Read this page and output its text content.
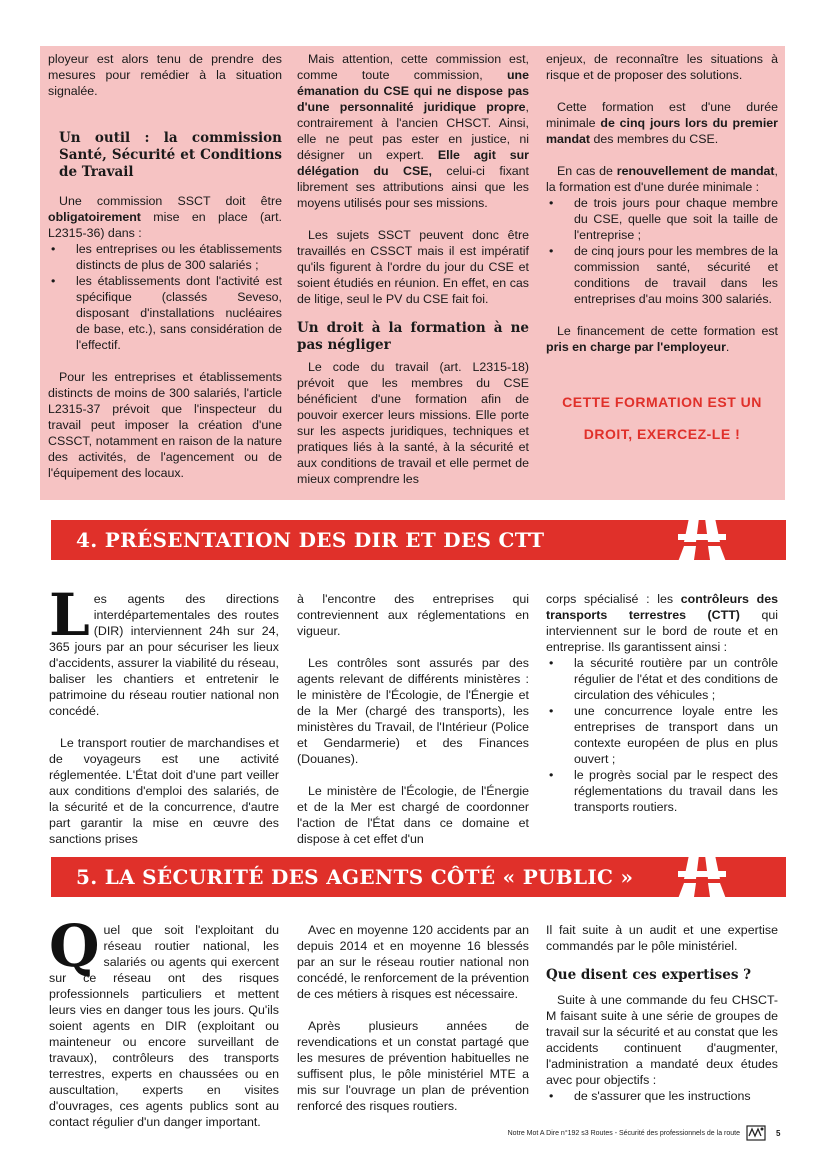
ployeur est alors tenu de prendre des mesures pour remédier à la situation signalée.

Un outil : la commission Santé, Sécurité et Conditions de Travail

Une commission SSCT doit être obligatoirement mise en place (art. L2315-36) dans :

• les entreprises ou les établissements distincts de plus de 300 salariés ;
• les établissements dont l'activité est spécifique (classés Seveso, disposant d'installations nucléaires de base, etc.), sans considération de l'effectif.

Pour les entreprises et établissements distincts de moins de 300 salariés, l'article L2315-37 prévoit que l'inspecteur du travail peut imposer la création d'une CSSCT, notamment en raison de la nature des activités, de l'agencement ou de l'équipement des locaux.

Mais attention, cette commission est, comme toute commission, une émanation du CSE qui ne dispose pas d'une personnalité juridique propre, contrairement à l'ancien CHSCT. Ainsi, elle ne peut pas ester en justice, ni désigner un expert. Elle agit sur délégation du CSE, celui-ci fixant librement ses attributions ainsi que les moyens utilisés pour ses missions.

Les sujets SSCT peuvent donc être travaillés en CSSCT mais il est impératif qu'ils figurent à l'ordre du jour du CSE et soient étudiés en réunion. En effet, en cas de litige, seul le PV du CSE fait foi.

Un droit à la formation à ne pas négliger

Le code du travail (art. L2315-18) prévoit que les membres du CSE bénéficient d'une formation afin de pouvoir exercer leurs missions. Elle porte sur les aspects juridiques, techniques et pratiques liés à la santé, à la sécurité et aux conditions de travail et elle permet de mieux comprendre les

enjeux, de reconnaître les situations à risque et de proposer des solutions.

Cette formation est d'une durée minimale de cinq jours lors du premier mandat des membres du CSE.

En cas de renouvellement de mandat, la formation est d'une durée minimale :

• de trois jours pour chaque membre du CSE, quelle que soit la taille de l'entreprise ;
• de cinq jours pour les membres de la commission santé, sécurité et conditions de travail dans les entreprises d'au moins 300 salariés.

Le financement de cette formation est pris en charge par l'employeur.

CETTE FORMATION EST UN
DROIT, EXERCEZ-LE !
4. PRÉSENTATION DES DIR ET DES CTT
L es agents des directions interdépartementales des routes (DIR) interviennent 24h sur 24, 365 jours par an pour sécuriser les lieux d'accidents, assurer la viabilité du réseau, baliser les chantiers et entretenir le patrimoine du réseau routier national non concédé.

Le transport routier de marchandises et de voyageurs est une activité réglementée. L'État doit d'une part veiller aux conditions d'emploi des salariés, de la sécurité et de la concurrence, d'autre part garantir la mise en œuvre des sanctions prises

à l'encontre des entreprises qui contreviennent aux réglementations en vigueur.

Les contrôles sont assurés par des agents relevant de différents ministères : le ministère de l'Écologie, de l'Énergie et de la Mer (chargé des transports), les ministères du Travail, de l'Intérieur (Police et Gendarmerie) et des Finances (Douanes).

Le ministère de l'Écologie, de l'Énergie et de la Mer est chargé de coordonner l'action de l'État dans ce domaine et dispose à cet effet d'un

corps spécialisé : les contrôleurs des transports terrestres (CTT) qui interviennent sur le bord de route et en entreprise. Ils garantissent ainsi :

• la sécurité routière par un contrôle régulier de l'état et des conditions de circulation des véhicules ;
• une concurrence loyale entre les entreprises de transport dans un contexte européen de plus en plus ouvert ;
• le progrès social par le respect des réglementations du travail dans les transports routiers.
5. LA SÉCURITÉ DES AGENTS CÔTÉ « PUBLIC »
Q uel que soit l'exploitant du réseau routier national, les salariés ou agents qui exercent sur ce réseau ont des risques professionnels particuliers et mettent leurs vies en danger tous les jours. Qu'ils soient agents en DIR (exploitant ou mainteneur ou encore surveillant de travaux), contrôleurs des transports terrestres, experts en chaussées ou en auscultation, experts en visites d'ouvrages, ces agents publics sont au contact régulier d'un danger important.

Avec en moyenne 120 accidents par an depuis 2014 et en moyenne 16 blessés par an sur le réseau routier national non concédé, le renforcement de la prévention de ces métiers à risques est nécessaire.

Après plusieurs années de revendications et un constat partagé que les mesures de prévention habituelles ne suffisent plus, le pôle ministériel MTE a mis sur l'ouvrage un plan de prévention renforcé des risques routiers.

Il fait suite à un audit et une expertise commandés par le pôle ministériel.

Que disent ces expertises ?

Suite à une commande du feu CHSCT-M faisant suite à une série de groupes de travail sur la sécurité et au constat que les accidents continuent d'augmenter, l'administration a mandaté deux études avec pour objectifs :

• de s'assurer que les instructions
Notre Mot A Dire n°192 s3 Routes - Sécurité des professionnels de la route	5
